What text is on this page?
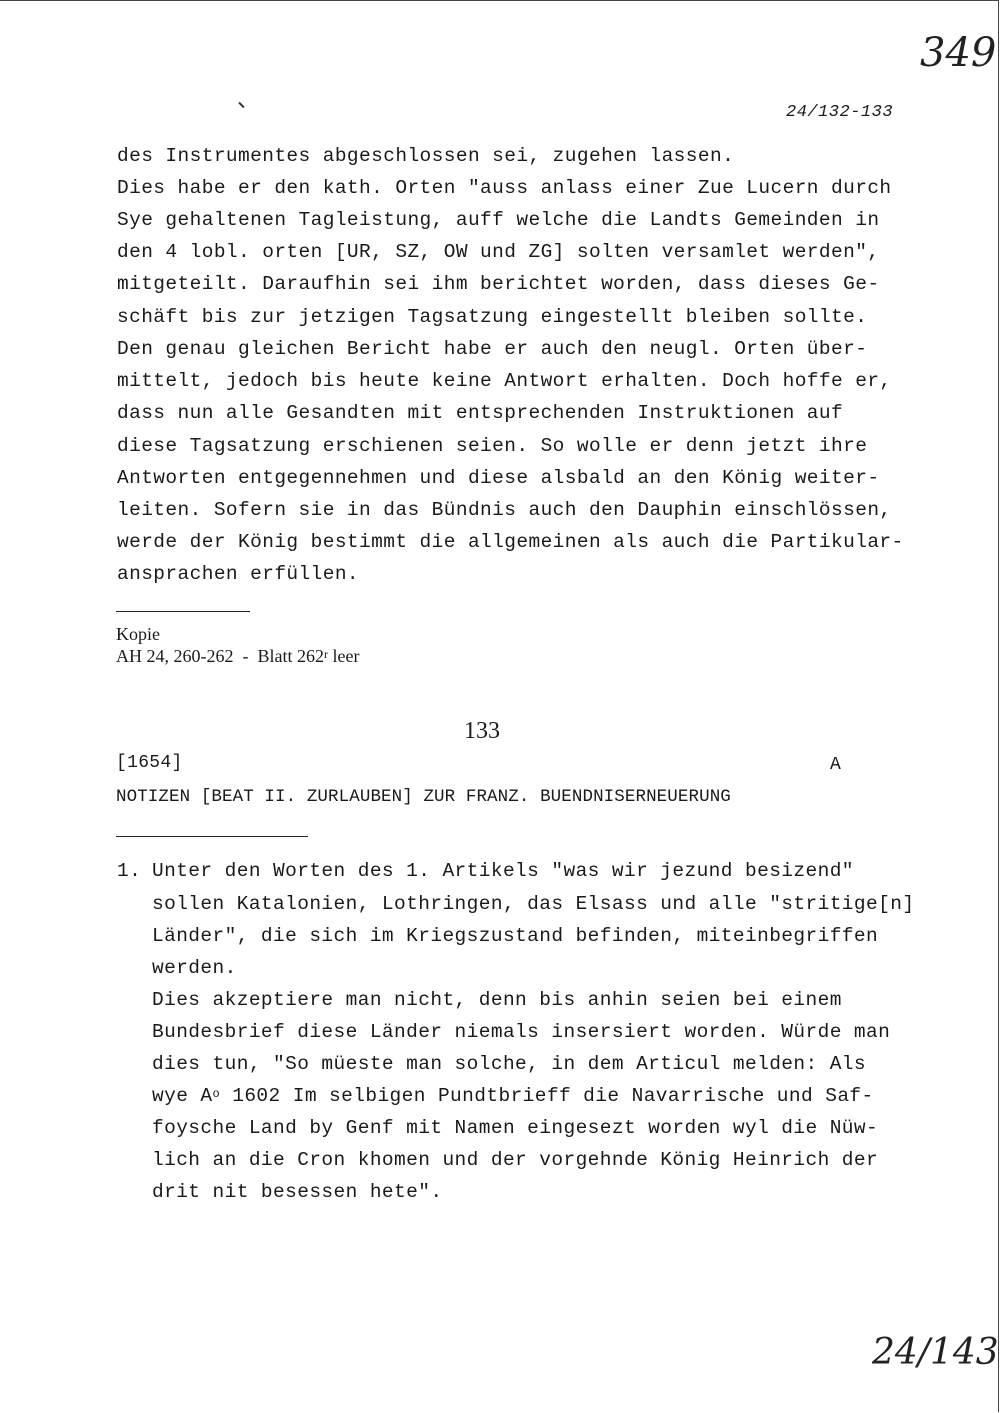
349
24/132-133
des Instrumentes abgeschlossen sei, zugehen lassen.
Dies habe er den kath. Orten "auss anlass einer Zue Lucern durch
Sye gehaltenen Tagleistung, auff welche die Landts Gemeinden in
den 4 lobl. orten [UR, SZ, OW und ZG] solten versamlet werden",
mitgeteilt. Daraufhin sei ihm berichtet worden, dass dieses Ge-
schäft bis zur jetzigen Tagsatzung eingestellt bleiben sollte.
Den genau gleichen Bericht habe er auch den neugl. Orten über-
mittelt, jedoch bis heute keine Antwort erhalten. Doch hoffe er,
dass nun alle Gesandten mit entsprechenden Instruktionen auf
diese Tagsatzung erschienen seien. So wolle er denn jetzt ihre
Antworten entgegennehmen und diese alsbald an den König weiter-
leiten. Sofern sie in das Bündnis auch den Dauphin einschlössen,
werde der König bestimmt die allgemeinen als auch die Partikular-
ansprachen erfüllen.
Kopie
AH 24, 260-262  -  Blatt 262$^r$ leer
133
[1654]	A
NOTIZEN [BEAT II. ZURLAUBEN] ZUR FRANZ. BUENDNISERNEUERUNG
1. Unter den Worten des 1. Artikels "was wir jezund besizend"
sollen Katalonien, Lothringen, das Elsass und alle "stritige[n]
Länder", die sich im Kriegszustand befinden, miteinbegriffen
werden.
Dies akzeptiere man nicht, denn bis anhin seien bei einem
Bundesbrief diese Länder niemals insersiert worden. Würde man
dies tun, "So müeste man solche, in dem Articul melden: Als
wye $A^o$ 1602 Im selbigen Pundtbrieff die Navarrische und Saf-
foysche Land by Genf mit Namen eingesezt worden wyl die Nüw-
lich an die Cron khomen und der vorgehnde König Heinrich der
drit nit besessen hete".
24/143
